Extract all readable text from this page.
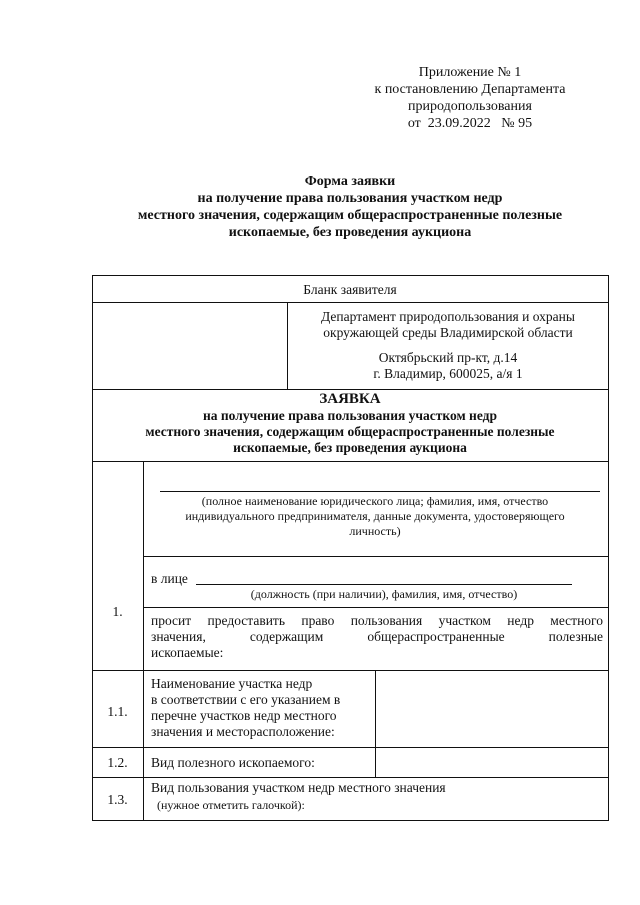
Приложение № 1
к постановлению Департамента
природопользования
от  23.09.2022   № 95
Форма заявки
на получение права пользования участком недр
местного значения, содержащим общераспространенные полезные
ископаемые, без проведения аукциона
Бланк заявителя
Департамент природопользования и охраны
окружающей среды Владимирской области
Октябрьский пр-кт, д.14
г. Владимир, 600025, а/я 1
ЗАЯВКА
на получение права пользования участком недр
местного значения, содержащим общераспространенные полезные
ископаемые, без проведения аукциона
1.
(полное наименование юридического лица; фамилия, имя, отчество
индивидуального предпринимателя, данные документа, удостоверяющего
личность)
в лице
(должность (при наличии), фамилия, имя, отчество)
просит предоставить право пользования участком недр местного
значения, содержащим общераспространенные полезные
ископаемые:
1.1.
Наименование участка недр
в соответствии с его указанием в
перечне участков недр местного
значения и месторасположение:
1.2.	Вид полезного ископаемого:
1.3.
Вид пользования участком недр местного значения
(нужное отметить галочкой):
